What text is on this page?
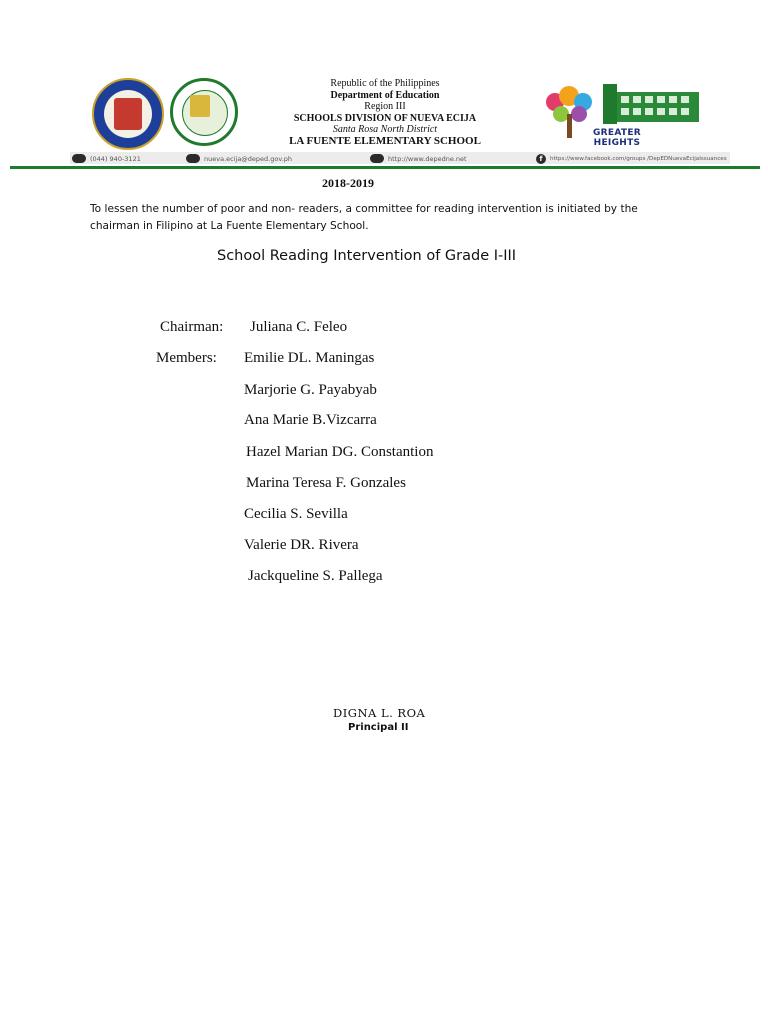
Republic of the Philippines
Department of Education
Region III
SCHOOLS DIVISION OF NUEVA ECIJA
Santa Rosa North District
LA FUENTE ELEMENTARY SCHOOL
GREATER HEIGHTS
(044) 940-3121	nueva.ecija@deped.gov.ph	http://www.depedne.net	f	https://www.facebook.com/groups /DepEDNuevaEcijaIssuances
2018-2019
To lessen the number of poor and non- readers, a committee for reading intervention is initiated by the chairman in Filipino at La Fuente Elementary School.
School Reading Intervention of Grade I-III
Chairman: Juliana C. Feleo
Members: Emilie DL. Maningas
Marjorie G. Payabyab
Ana Marie B.Vizcarra
Hazel Marian DG. Constantion
Marina Teresa F. Gonzales
Cecilia S. Sevilla
Valerie DR. Rivera
Jackqueline S. Pallega
DIGNA L. ROA
Principal II
